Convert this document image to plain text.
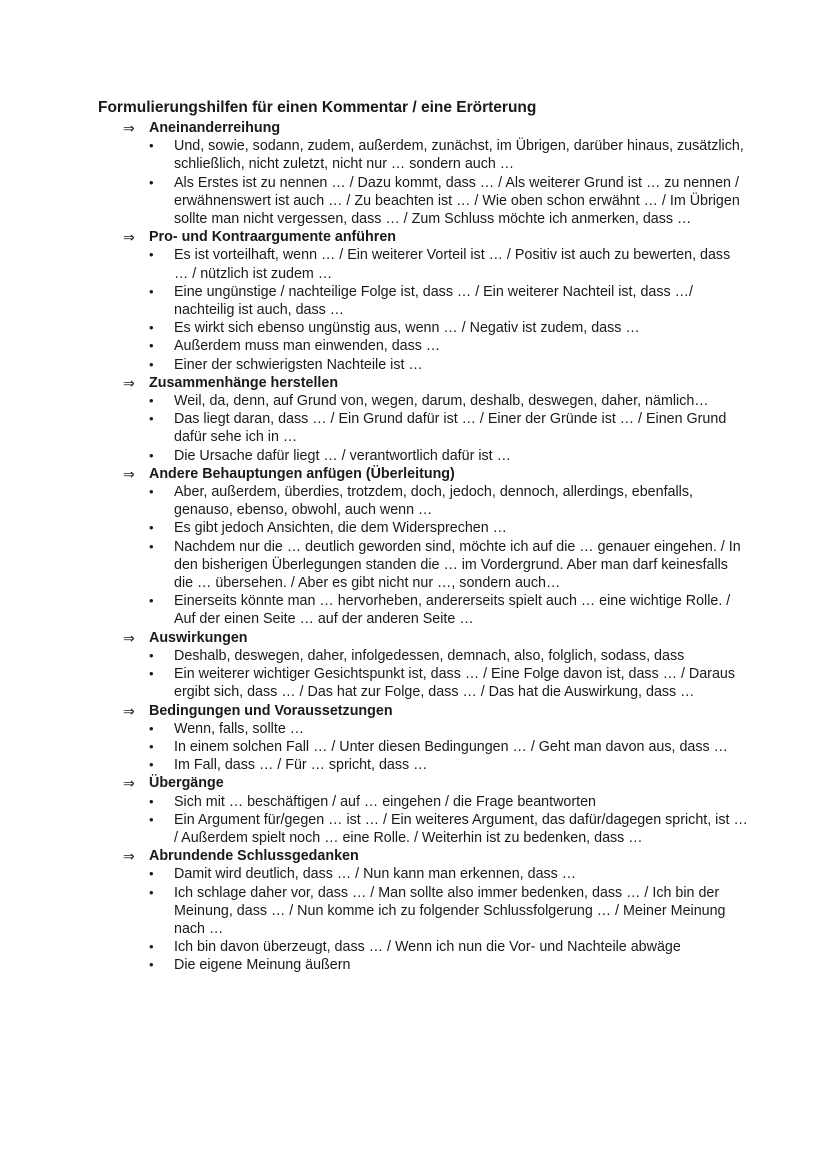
Formulierungshilfen für einen Kommentar / eine Erörterung
⇒ Aneinanderreihung
• Und, sowie, sodann, zudem, außerdem, zunächst, im Übrigen, darüber hinaus, zusätzlich, schließlich, nicht zuletzt, nicht nur … sondern auch …
• Als Erstes ist zu nennen … / Dazu kommt, dass … / Als weiterer Grund ist … zu nennen / erwähnenswert ist auch … / Zu beachten ist … / Wie oben schon erwähnt … / Im Übrigen sollte man nicht vergessen, dass … / Zum Schluss möchte ich anmerken, dass …
⇒ Pro- und Kontraargumente anführen
• Es ist vorteilhaft, wenn … / Ein weiterer Vorteil ist … / Positiv ist auch zu bewerten, dass … / nützlich ist zudem …
• Eine ungünstige / nachteilige Folge ist, dass … / Ein weiterer Nachteil ist, dass …/ nachteilig ist auch, dass …
• Es wirkt sich ebenso ungünstig aus, wenn … / Negativ ist zudem, dass …
• Außerdem muss man einwenden, dass …
• Einer der schwierigsten Nachteile ist …
⇒ Zusammenhänge herstellen
• Weil, da, denn, auf Grund von, wegen, darum, deshalb, deswegen, daher, nämlich…
• Das liegt daran, dass … / Ein Grund dafür ist … / Einer der Gründe ist … / Einen Grund dafür sehe ich in …
• Die Ursache dafür liegt … / verantwortlich dafür ist …
⇒ Andere Behauptungen anfügen (Überleitung)
• Aber, außerdem, überdies, trotzdem, doch, jedoch, dennoch, allerdings, ebenfalls, genauso, ebenso, obwohl, auch wenn …
• Es gibt jedoch Ansichten, die dem Widersprechen …
• Nachdem nur die … deutlich geworden sind, möchte ich auf die … genauer eingehen. / In den bisherigen Überlegungen standen die … im Vordergrund. Aber man darf keinesfalls die … übersehen. / Aber es gibt nicht nur …, sondern auch…
• Einerseits könnte man … hervorheben, andererseits spielt auch … eine wichtige Rolle. / Auf der einen Seite … auf der anderen Seite …
⇒ Auswirkungen
• Deshalb, deswegen, daher, infolgedessen, demnach, also, folglich, sodass, dass
• Ein weiterer wichtiger Gesichtspunkt ist, dass … / Eine Folge davon ist, dass … / Daraus ergibt sich, dass … / Das hat zur Folge, dass … / Das hat die Auswirkung, dass …
⇒ Bedingungen und Voraussetzungen
• Wenn, falls, sollte …
• In einem solchen Fall … / Unter diesen Bedingungen … / Geht man davon aus, dass …
• Im Fall, dass … / Für … spricht, dass …
⇒ Übergänge
• Sich mit … beschäftigen / auf … eingehen / die Frage beantworten
• Ein Argument für/gegen … ist … / Ein weiteres Argument, das dafür/dagegen spricht, ist … / Außerdem spielt noch … eine Rolle. / Weiterhin ist zu bedenken, dass …
⇒ Abrundende Schlussgedanken
• Damit wird deutlich, dass … / Nun kann man erkennen, dass …
• Ich schlage daher vor, dass … / Man sollte also immer bedenken, dass … / Ich bin der Meinung, dass … / Nun komme ich zu folgender Schlussfolgerung … / Meiner Meinung nach …
• Ich bin davon überzeugt, dass … / Wenn ich nun die Vor- und Nachteile abwäge
• Die eigene Meinung äußern
